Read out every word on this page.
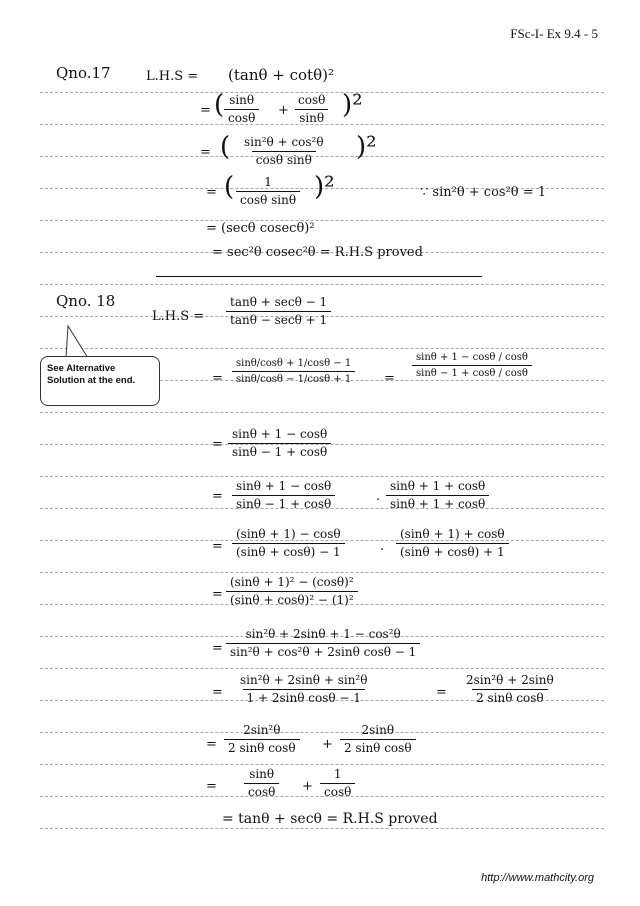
FSc-I- Ex 9.4 - 5
Qno.17	L.H.S = (tanθ + cotθ)²
= ( $\frac{\sin\theta}{\cos\theta} + \frac{\cos\theta}{\sin\theta} )^2$
= ( $\frac{\text{sin²θ + cos²θ}}{\text{cosθ sinθ}} )^2$
= ( $\frac{1}{\text{cosθ sinθ}} )^2$	∵ sin²θ + cos²θ = 1
= (secθ cosecθ)²
= sec²θ cosec²θ = R.H.S proved
Qno. 18
L.H.S =
tanθ + secθ − 1
tanθ − secθ + 1
= $\frac{\sin\theta/\cos\theta + 1/\cos\theta - 1}{\sin\theta/\cos\theta - 1/\cos\theta + 1} = \frac{\sin\theta + 1 - \cos\theta / \cos\theta}{\sin\theta - 1 + \cos\theta / \cos\theta}$
= $\frac{\sin\theta + 1 - \cos\theta}{\sin\theta - 1 + \cos\theta}$
= $\frac{\sin\theta + 1 - \cos\theta}{\sin\theta - 1 + \cos\theta}$	. $\frac{\sin\theta + 1 + \cos\theta}{\sin\theta + 1 + \cos\theta}$
= $\frac{(\sin\theta + 1) - \cos\theta}{(\sin\theta + \cos\theta) - 1}$	. $\frac{(\sin\theta + 1) + \cos\theta}{(\sin\theta + \cos\theta) + 1}$
= $\frac{\text{(sinθ + 1)² − (cosθ)²}}{\text{(sinθ + cosθ)² − (1)²}}$
= $\frac{\text{sin²θ + 2sinθ + 1 − cos²θ}}{\text{sin²θ + cos²θ + 2sinθ cosθ − 1}}$
= $\frac{\text{sin²θ + 2sinθ + sin²θ}}{\text{1 + 2sinθ cosθ − 1}}$	= $\frac{\text{2sin²θ + 2sinθ}}{\text{2 sinθ cosθ}}$
= $\frac{\text{2sin²θ}}{\text{2 sinθ cosθ}} + \frac{2\sin\theta}{\text{2 sinθ cosθ}}$
= $\frac{\sin\theta}{\cos\theta} + \frac{1}{\cos\theta}$
= tanθ + secθ = R.H.S proved
See Alternative Solution at the end.
http://www.mathcity.org
